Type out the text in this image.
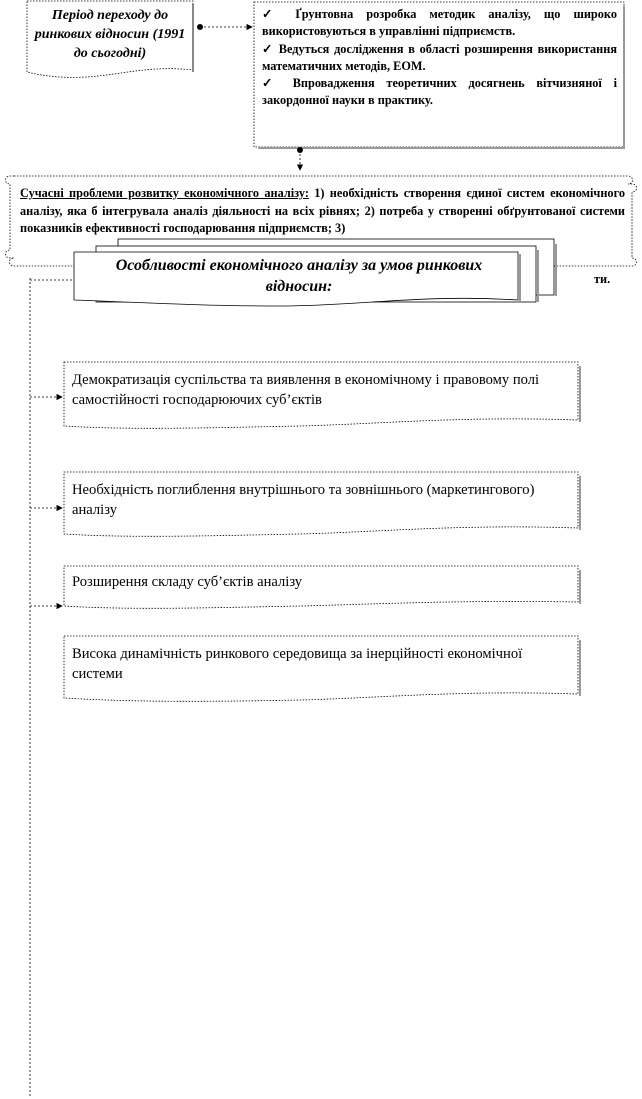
Період переходу до ринкових відносин (1991 до сьогодні)

✓ Ґрунтовна розробка методик аналізу, що широко використовуються в управлінні підприємств.

✓ Ведуться дослідження в області розширення використання математичних методів, ЕОМ.

✓ Впровадження теоретичних досягнень вітчизняної і закордонної науки в практику.

Сучасні проблеми розвитку економічного аналізу: 1) необхідність створення єдиної систем економічного аналізу, яка б інтегрувала аналіз діяльності на всіх рівнях; 2) потреба у створенні обґрунтованої системи показників ефективності господарювання підприємств; 3)
ти.
Особливості економічного аналізу за умов ринкових відносин:
Демократизація суспільства та виявлення в економічному і правовому полі самостійності господарюючих суб’єктів
Необхідність поглиблення внутрішнього та зовнішнього (маркетингового) аналізу
Розширення складу суб’єктів аналізу
Висока динамічність ринкового середовища за інерційності економічної системи
